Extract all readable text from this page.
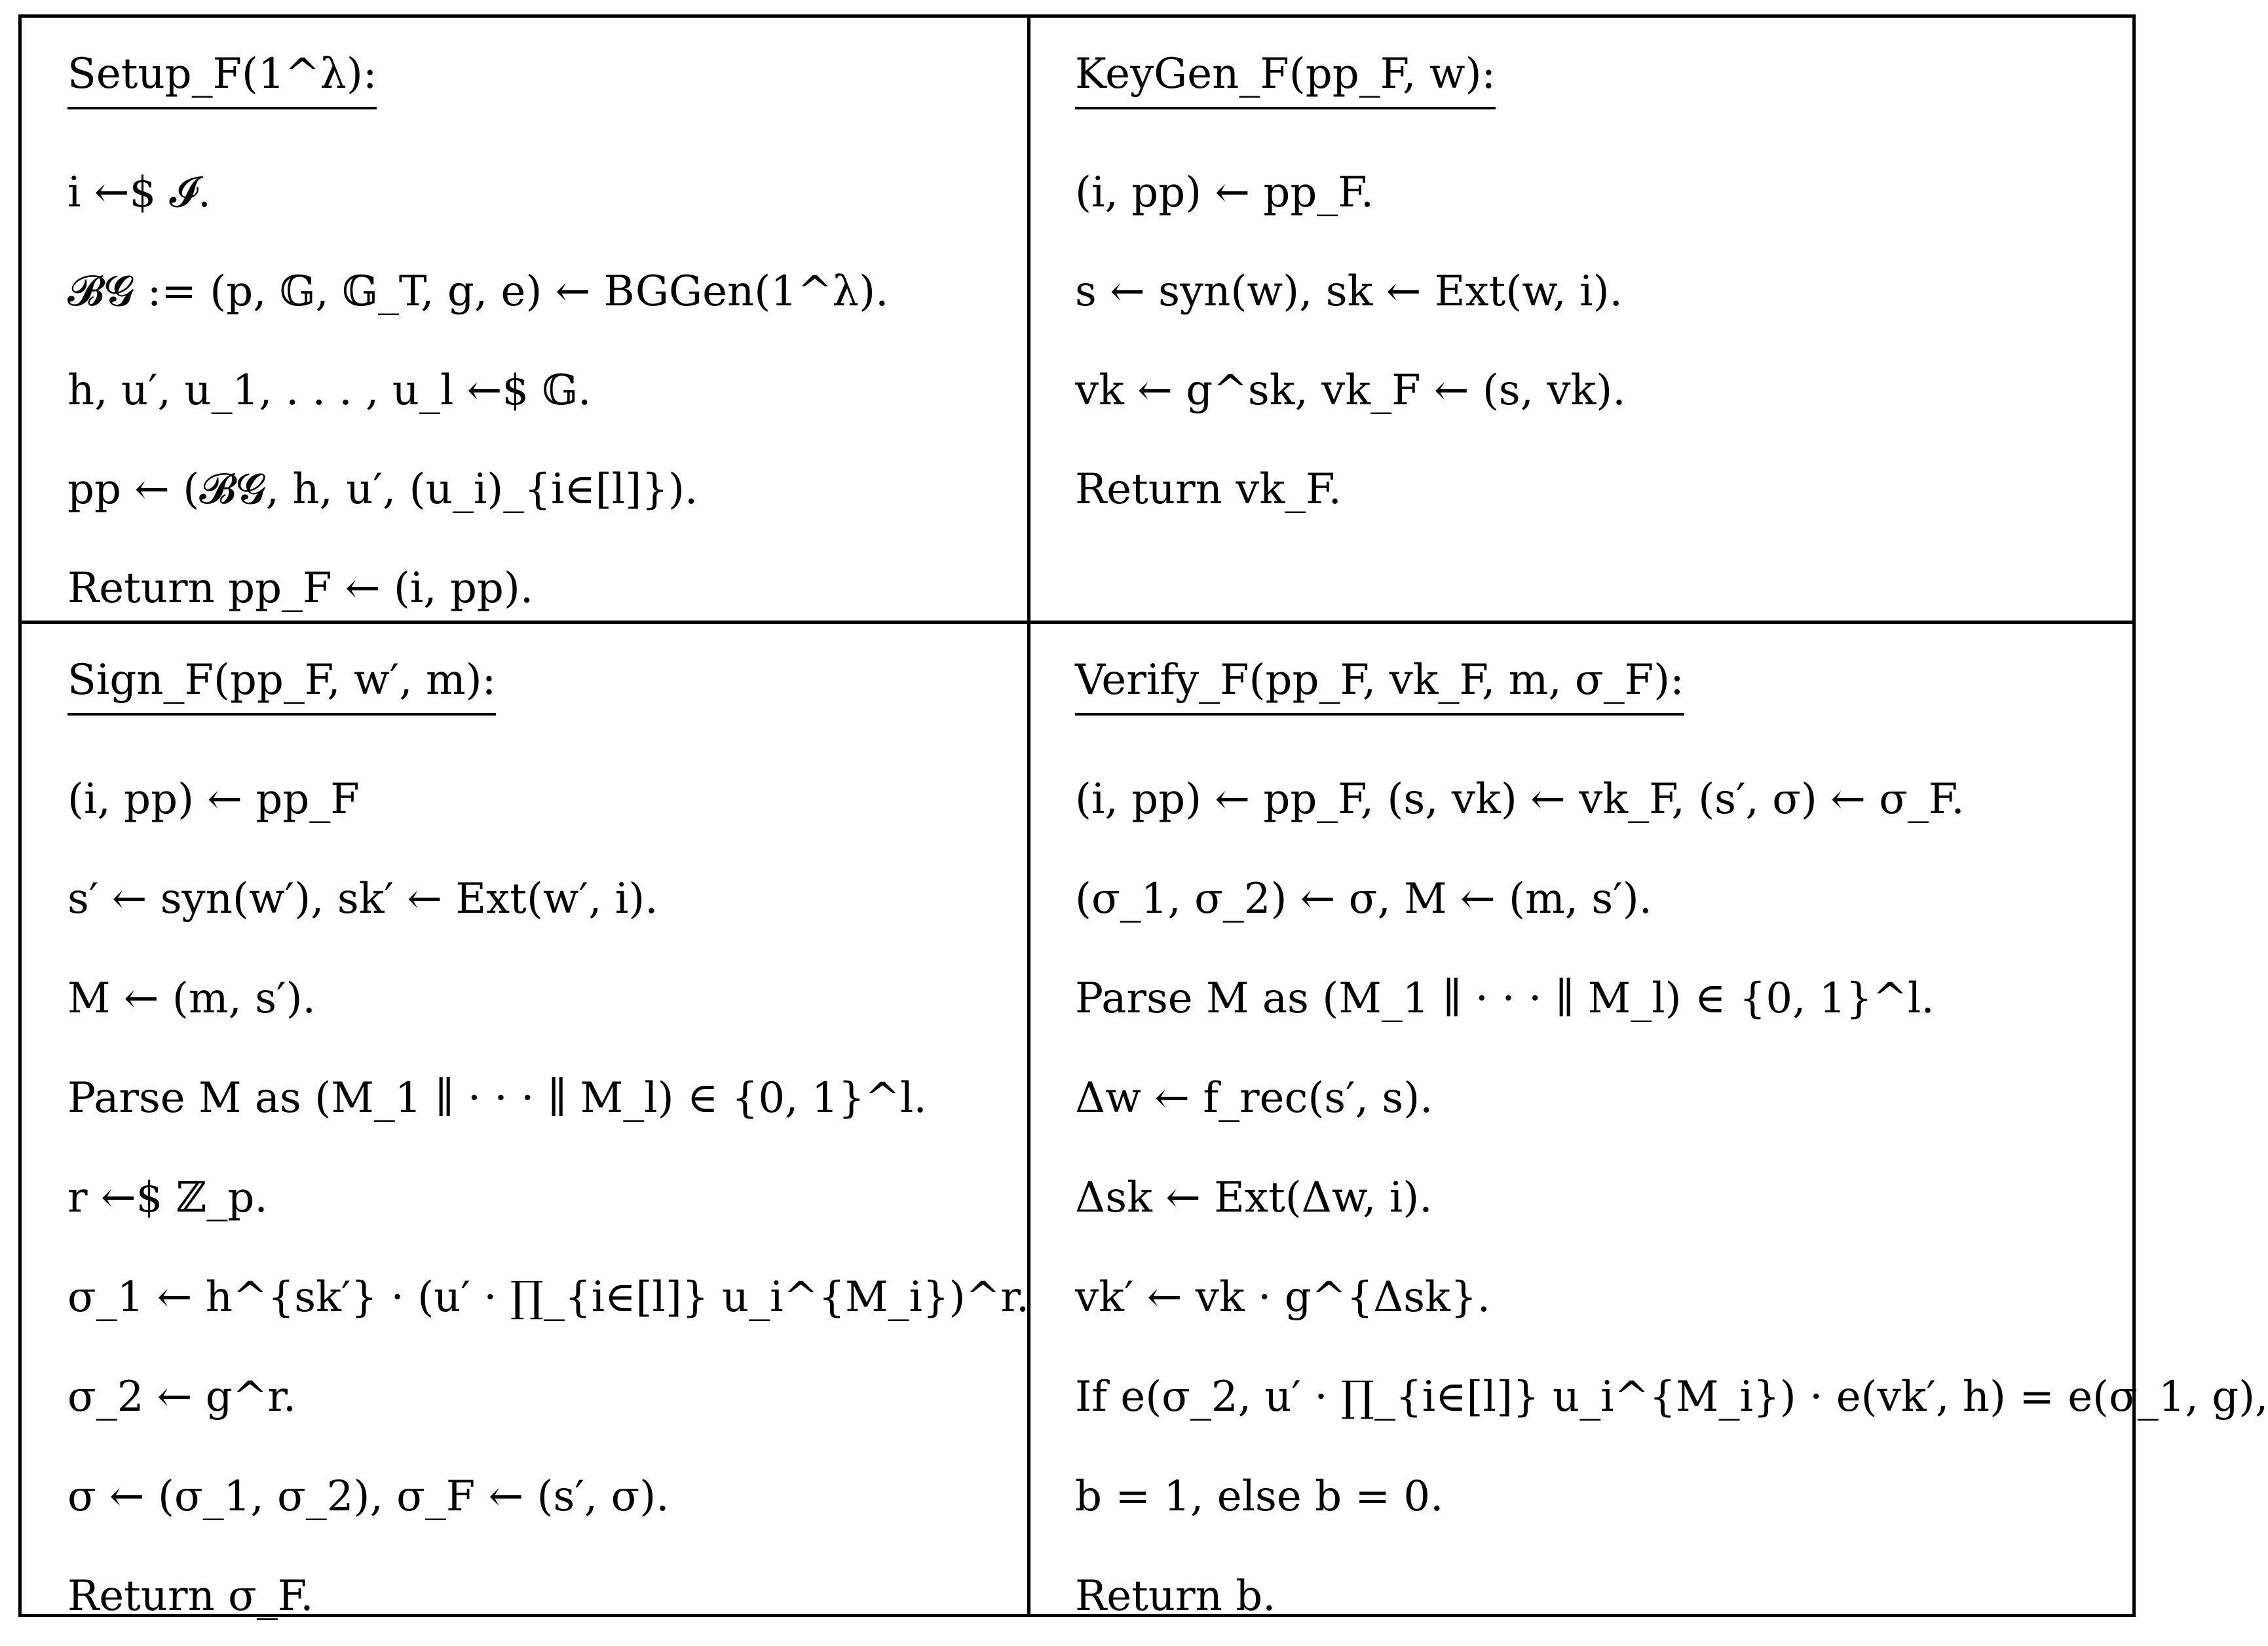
Setup_F(1^λ):
i ←$ 𝓘.
𝓑𝓖 := (p, 𝔾, 𝔾_T, g, e) ← BGGen(1^λ).
h, u′, u_1, . . . , u_l ←$ 𝔾.
pp ← (𝓑𝓖, h, u′, (u_i)_{i∈[l]}).
Return pp_F ← (i, pp).
KeyGen_F(pp_F, w):
(i, pp) ← pp_F.
s ← syn(w), sk ← Ext(w, i).
vk ← g^sk, vk_F ← (s, vk).
Return vk_F.
Sign_F(pp_F, w′, m):
(i, pp) ← pp_F
s′ ← syn(w′), sk′ ← Ext(w′, i).
M ← (m, s′).
Parse M as (M_1 ∥ · · · ∥ M_l) ∈ {0, 1}^l.
r ←$ ℤ_p.
σ_1 ← h^{sk′} · (u′ · ∏_{i∈[l]} u_i^{M_i})^r.
σ_2 ← g^r.
σ ← (σ_1, σ_2), σ_F ← (s′, σ).
Return σ_F.
Verify_F(pp_F, vk_F, m, σ_F):
(i, pp) ← pp_F, (s, vk) ← vk_F, (s′, σ) ← σ_F.
(σ_1, σ_2) ← σ, M ← (m, s′).
Parse M as (M_1 ∥ · · · ∥ M_l) ∈ {0, 1}^l.
Δw ← f_rec(s′, s).
Δsk ← Ext(Δw, i).
vk′ ← vk · g^{Δsk}.
If e(σ_2, u′ · ∏_{i∈[l]} u_i^{M_i}) · e(vk′, h) = e(σ_1, g),
b = 1, else b = 0.
Return b.
